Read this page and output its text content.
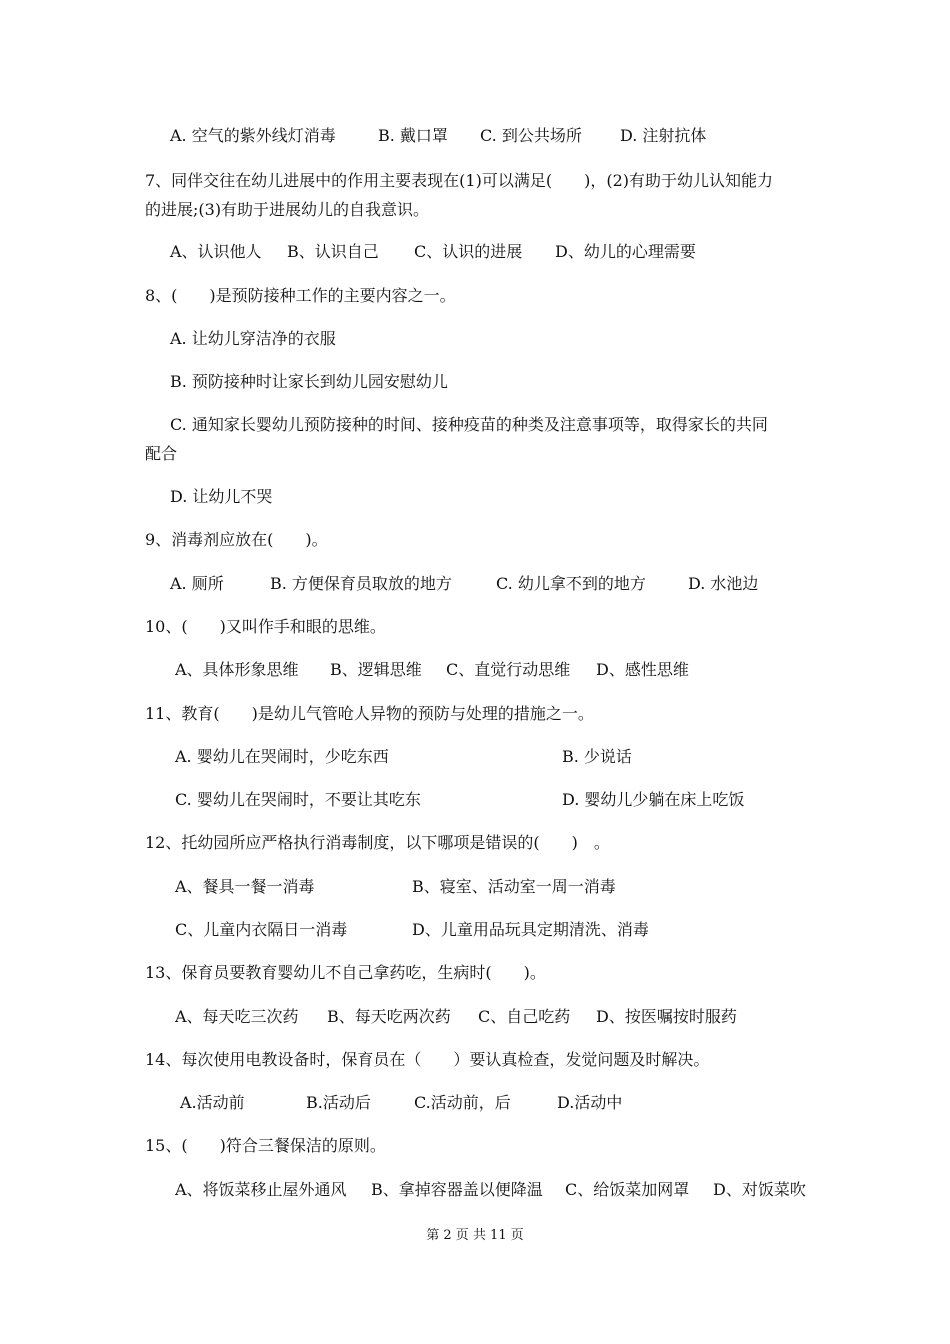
A. 空气的紫外线灯消毒	B. 戴口罩 C. 到公共场所 D. 注射抗体
7、同伴交往在幼儿进展中的作用主要表现在(1)可以满足(　　)，(2)有助于幼儿认知能力
的进展;(3)有助于进展幼儿的自我意识。
A、认识他人 B、认识自己 C、认识的进展 D、幼儿的心理需要
8、(　　)是预防接种工作的主要内容之一。
A. 让幼儿穿洁净的衣服
B. 预防接种时让家长到幼儿园安慰幼儿
C. 通知家长婴幼儿预防接种的时间、接种疫苗的种类及注意事项等，取得家长的共同
配合
D. 让幼儿不哭
9、消毒剂应放在(　　)。
A. 厕所	B. 方便保育员取放的地方	C. 幼儿拿不到的地方	D. 水池边
10、(　　)又叫作手和眼的思维。
A、具体形象思维 B、逻辑思维 C、直觉行动思维 D、感性思维
11、教育(　　)是幼儿气管呛人异物的预防与处理的措施之一。
A. 婴幼儿在哭闹时，少吃东西	B. 少说话
C. 婴幼儿在哭闹时，不要让其吃东	D. 婴幼儿少躺在床上吃饭
12、托幼园所应严格执行消毒制度，以下哪项是错误的(　　)　。
A、餐具一餐一消毒	B、寝室、活动室一周一消毒
C、儿童内衣隔日一消毒	D、儿童用品玩具定期清洗、消毒
13、保育员要教育婴幼儿不自己拿药吃，生病时(　　)。
A、每天吃三次药 B、每天吃两次药 C、自己吃药 D、按医嘱按时服药
14、每次使用电教设备时，保育员在（　　）要认真检查，发觉问题及时解决。
A.活动前	B.活动后	C.活动前，后	D.活动中
15、(　　)符合三餐保洁的原则。
A、将饭菜移止屋外通风 B、拿掉容器盖以便降温 C、给饭菜加网罩 D、对饭菜吹
第 2 页 共 11 页
